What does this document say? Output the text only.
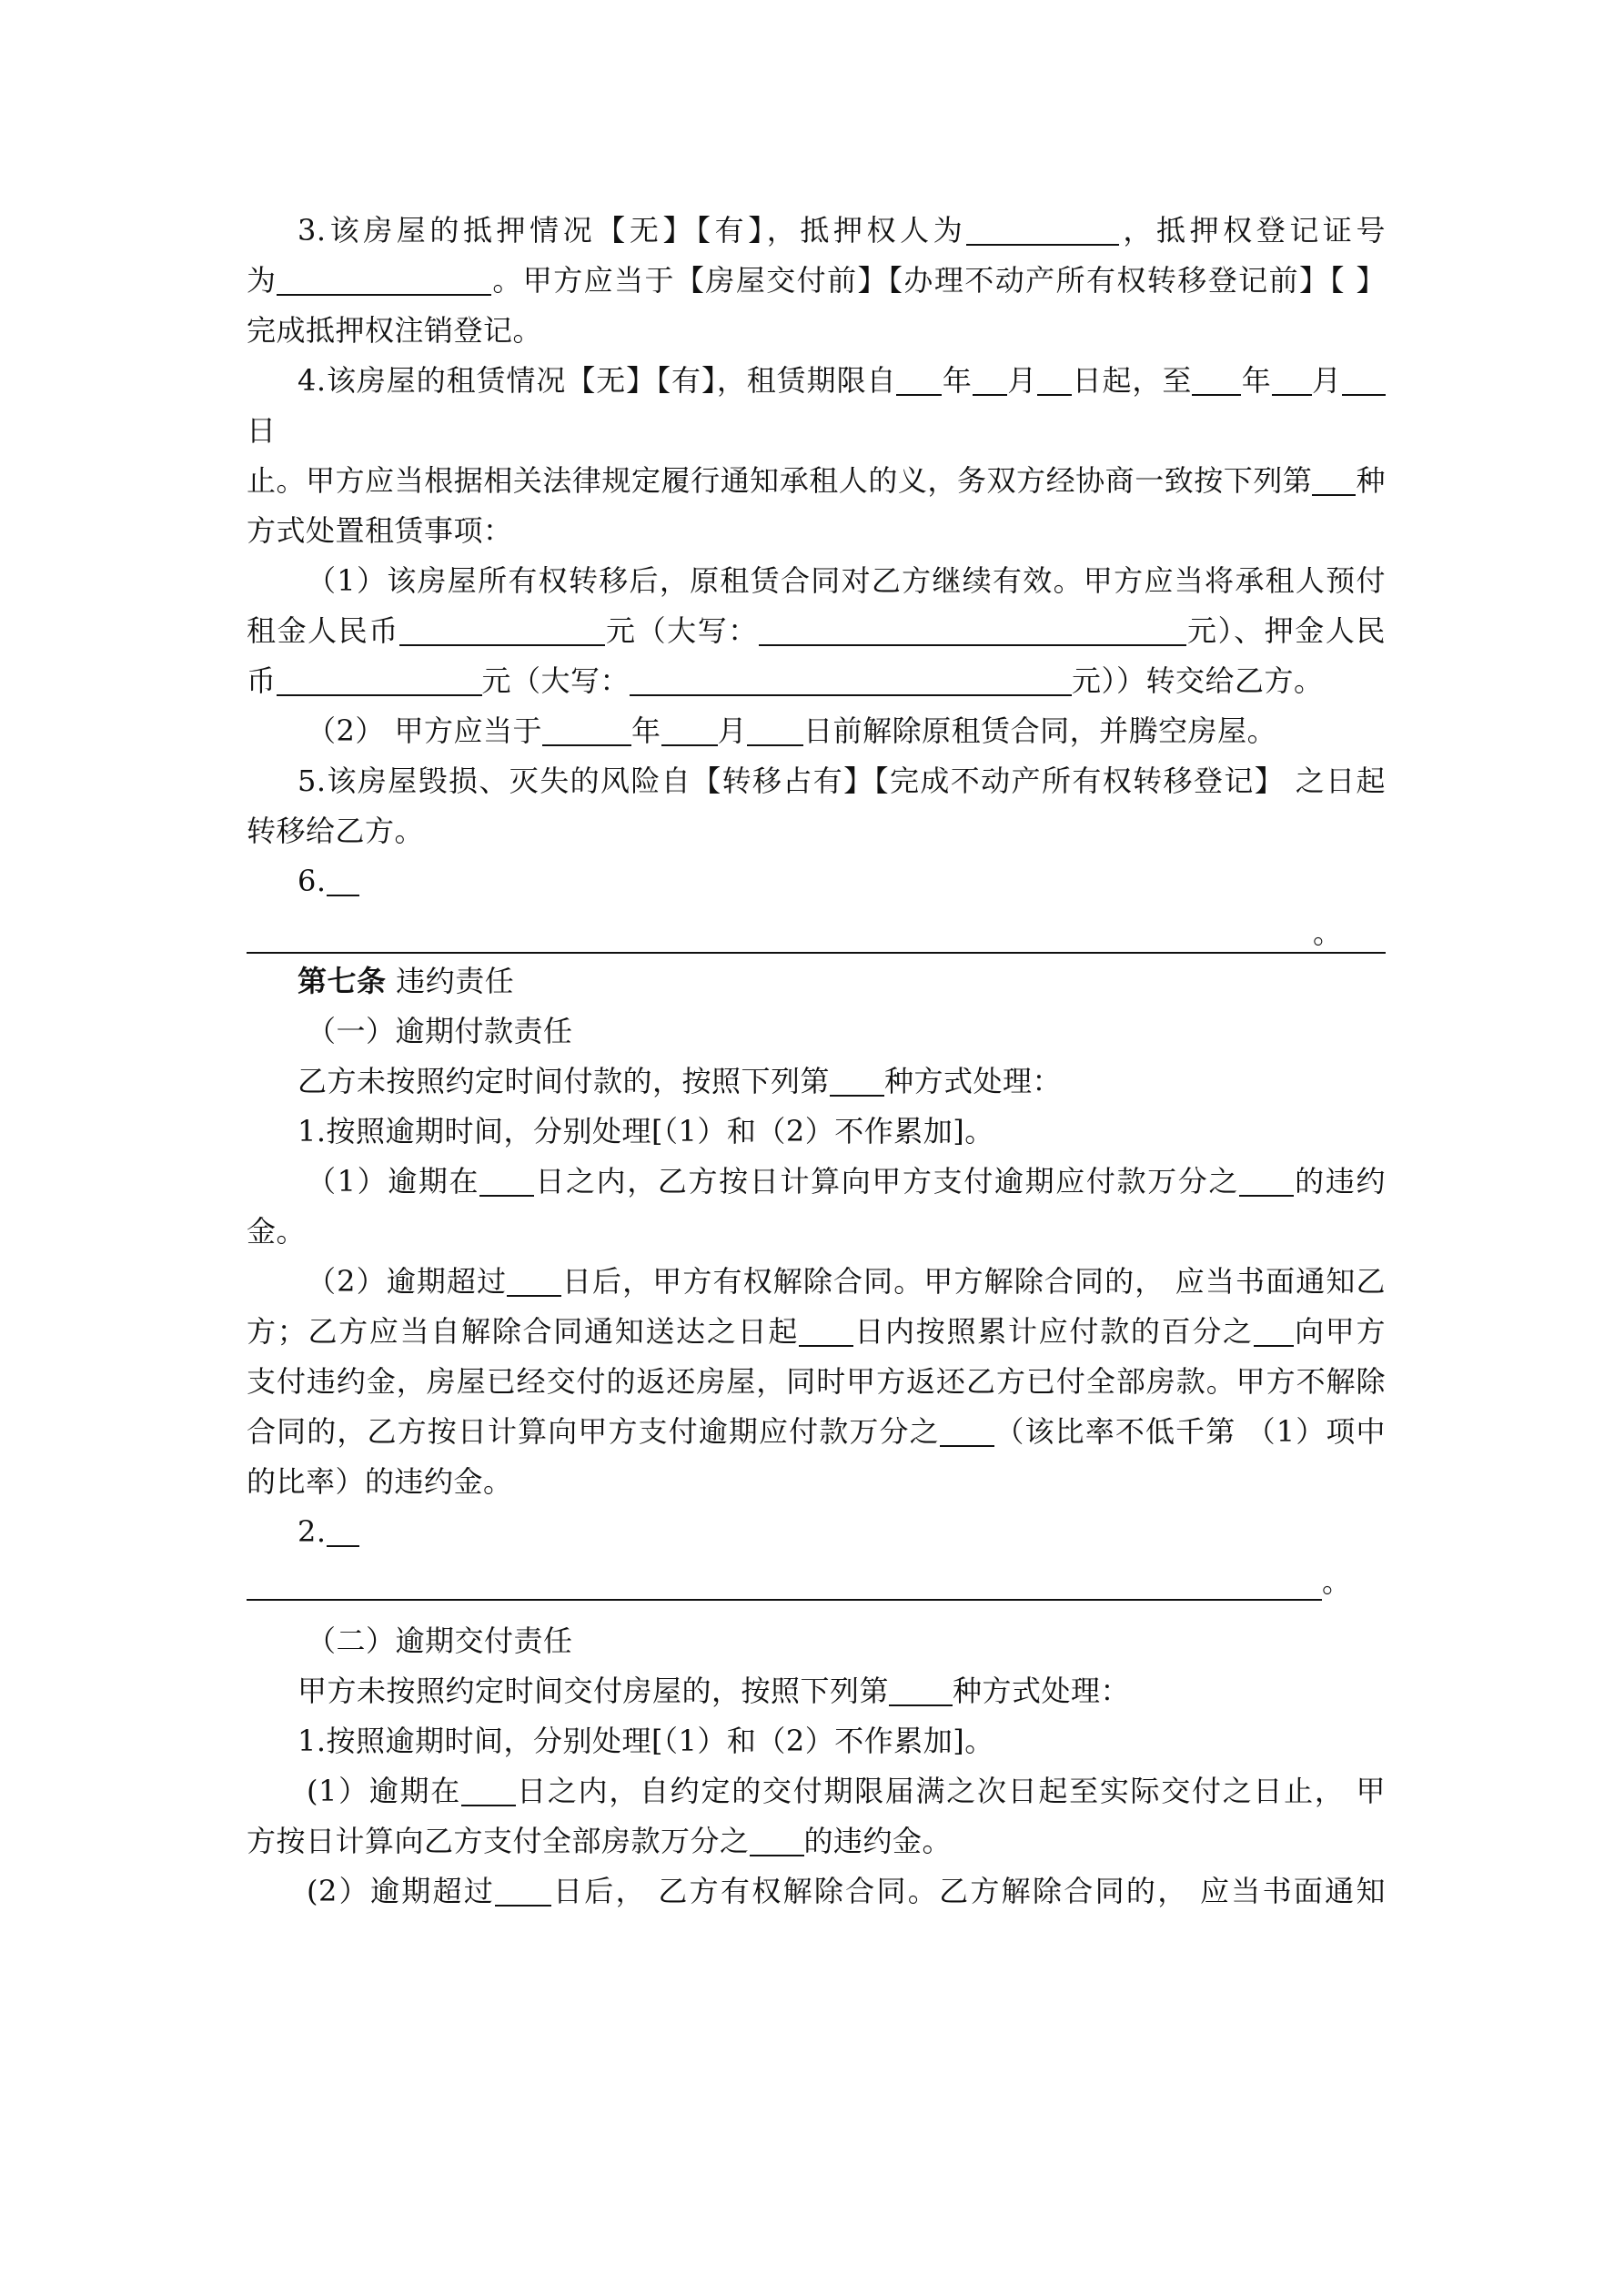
3.该房屋的抵押情况【无】【有】，抵押权人为	，抵押权登记证号

为	。甲方应当于【房屋交付前】【办理不动产所有权转移登记前】【 】

完成抵押权注销登记。

4.该房屋的租赁情况【无】【有】，租赁期限自 年 月 日起，至 年 月日

止。甲方应当根据相关法律规定履行通知承租人的义，务双方经协商一致按下列第 种

方式处置租赁事项：

（1）该房屋所有权转移后，原租赁合同对乙方继续有效。甲方应当将承租人预付

租金人民币	元（大写：	元）、押金人民

币	元（大写：	元））转交给乙方。

（2） 甲方应当于	年 月 日前解除原租赁合同，并腾空房屋。

5.该房屋毁损、灭失的风险自【转移占有】【完成不动产所有权转移登记】 之日起

转移给乙方。

6.

。

第七条 违约责任

（一）逾期付款责任

乙方未按照约定时间付款的，按照下列第 种方式处理：

1.按照逾期时间，分别处理[（1）和（2）不作累加]。

（1）逾期在 日之内，乙方按日计算向甲方支付逾期应付款万分之 的违约

金。

（2）逾期超过 日后，甲方有权解除合同。甲方解除合同的， 应当书面通知乙

方；乙方应当自解除合同通知送达之日起 日内按照累计应付款的百分之 向甲方

支付违约金，房屋已经交付的返还房屋，同时甲方返还乙方已付全部房款。甲方不解除

合同的，乙方按日计算向甲方支付逾期应付款万分之 （该比率不低千第 （1）项中

的比率）的违约金。

2.

。

（二）逾期交付责任

甲方未按照约定时间交付房屋的，按照下列第 种方式处理：

1.按照逾期时间，分别处理[（1）和（2）不作累加]。

(1）逾期在 日之内，自约定的交付期限届满之次日起至实际交付之日止， 甲

方按日计算向乙方支付全部房款万分之 的违约金。

(2）逾期超过 日后， 乙方有权解除合同。乙方解除合同的， 应当书面通知
